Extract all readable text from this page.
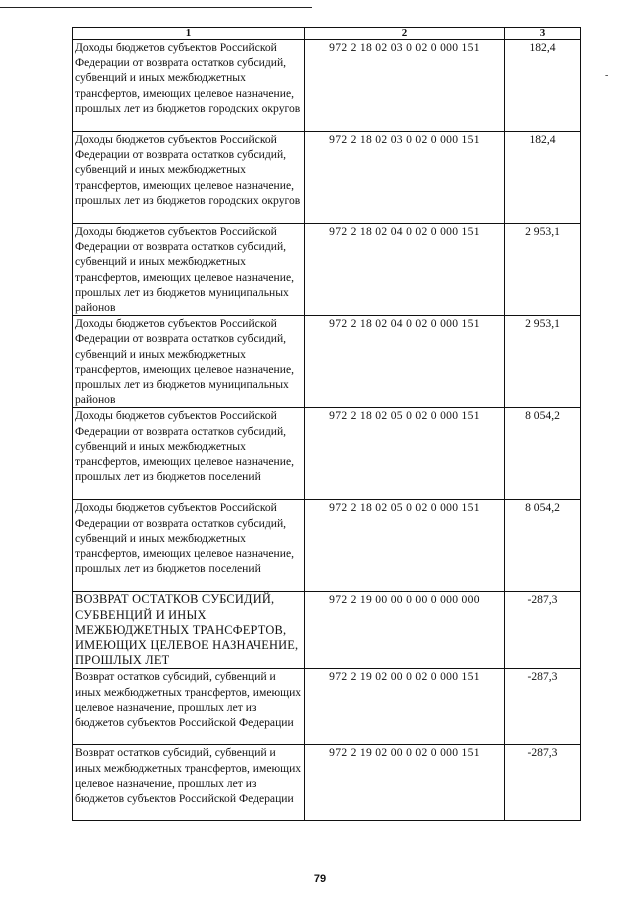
-
1	2	3
Доходы бюджетов субъектов Российской Федерации от возврата остатков субсидий, субвенций и иных межбюджетных трансфертов, имеющих целевое назначение, прошлых лет из бюджетов городских округов	972 2 18 02 03 0 02 0 000 151	182,4
Доходы бюджетов субъектов Российской Федерации от возврата остатков субсидий, субвенций и иных межбюджетных трансфертов, имеющих целевое назначение, прошлых лет из бюджетов городских округов	972 2 18 02 03 0 02 0 000 151	182,4
Доходы бюджетов субъектов Российской Федерации от возврата остатков субсидий, субвенций и иных межбюджетных трансфертов, имеющих целевое назначение, прошлых лет из бюджетов муниципальных районов	972 2 18 02 04 0 02 0 000 151	2 953,1
Доходы бюджетов субъектов Российской Федерации от возврата остатков субсидий, субвенций и иных межбюджетных трансфертов, имеющих целевое назначение, прошлых лет из бюджетов муниципальных районов	972 2 18 02 04 0 02 0 000 151	2 953,1
Доходы бюджетов субъектов Российской Федерации от возврата остатков субсидий, субвенций и иных межбюджетных трансфертов, имеющих целевое назначение, прошлых лет из бюджетов поселений	972 2 18 02 05 0 02 0 000 151	8 054,2
Доходы бюджетов субъектов Российской Федерации от возврата остатков субсидий, субвенций и иных межбюджетных трансфертов, имеющих целевое назначение, прошлых лет из бюджетов поселений	972 2 18 02 05 0 02 0 000 151	8 054,2
ВОЗВРАТ ОСТАТКОВ СУБСИДИЙ, СУБВЕНЦИЙ И ИНЫХ МЕЖБЮДЖЕТНЫХ ТРАНСФЕРТОВ, ИМЕЮЩИХ ЦЕЛЕВОЕ НАЗНАЧЕНИЕ, ПРОШЛЫХ ЛЕТ	972 2 19 00 00 0 00 0 000 000	-287,3
Возврат остатков субсидий, субвенций и иных межбюджетных трансфертов, имеющих целевое назначение, прошлых лет из бюджетов субъектов Российской Федерации	972 2 19 02 00 0 02 0 000 151	-287,3
Возврат остатков субсидий, субвенций и иных межбюджетных трансфертов, имеющих целевое назначение, прошлых лет из бюджетов субъектов Российской Федерации	972 2 19 02 00 0 02 0 000 151	-287,3
79
